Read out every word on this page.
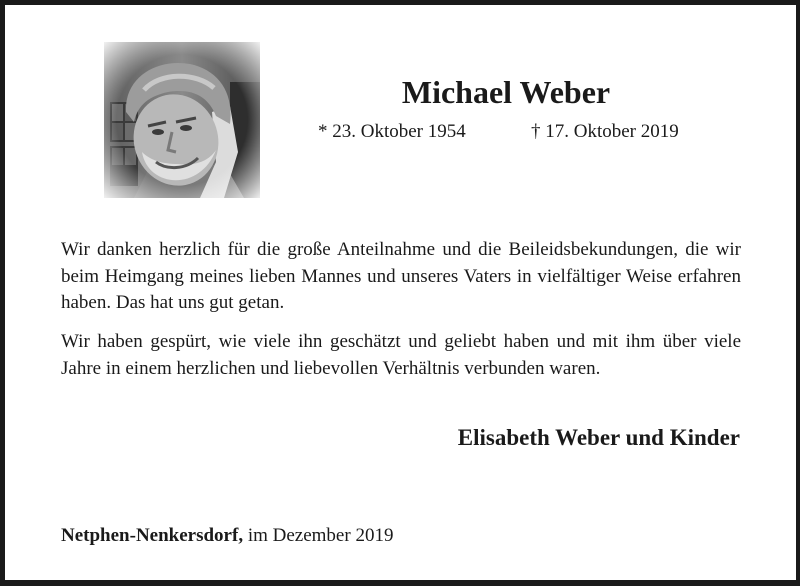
Michael Weber
* 23. Oktober 1954	† 17. Oktober 2019
Wir danken herzlich für die große Anteilnahme und die Beileidsbekundungen, die wir beim Heimgang meines lieben Mannes und unseres Vaters in vielfältiger Weise erfahren haben. Das hat uns gut getan.
Wir haben gespürt, wie viele ihn geschätzt und geliebt haben und mit ihm über viele Jahre in einem herzlichen und liebevollen Verhältnis verbunden waren.
Elisabeth Weber und Kinder
Netphen-Nenkersdorf, im Dezember 2019
